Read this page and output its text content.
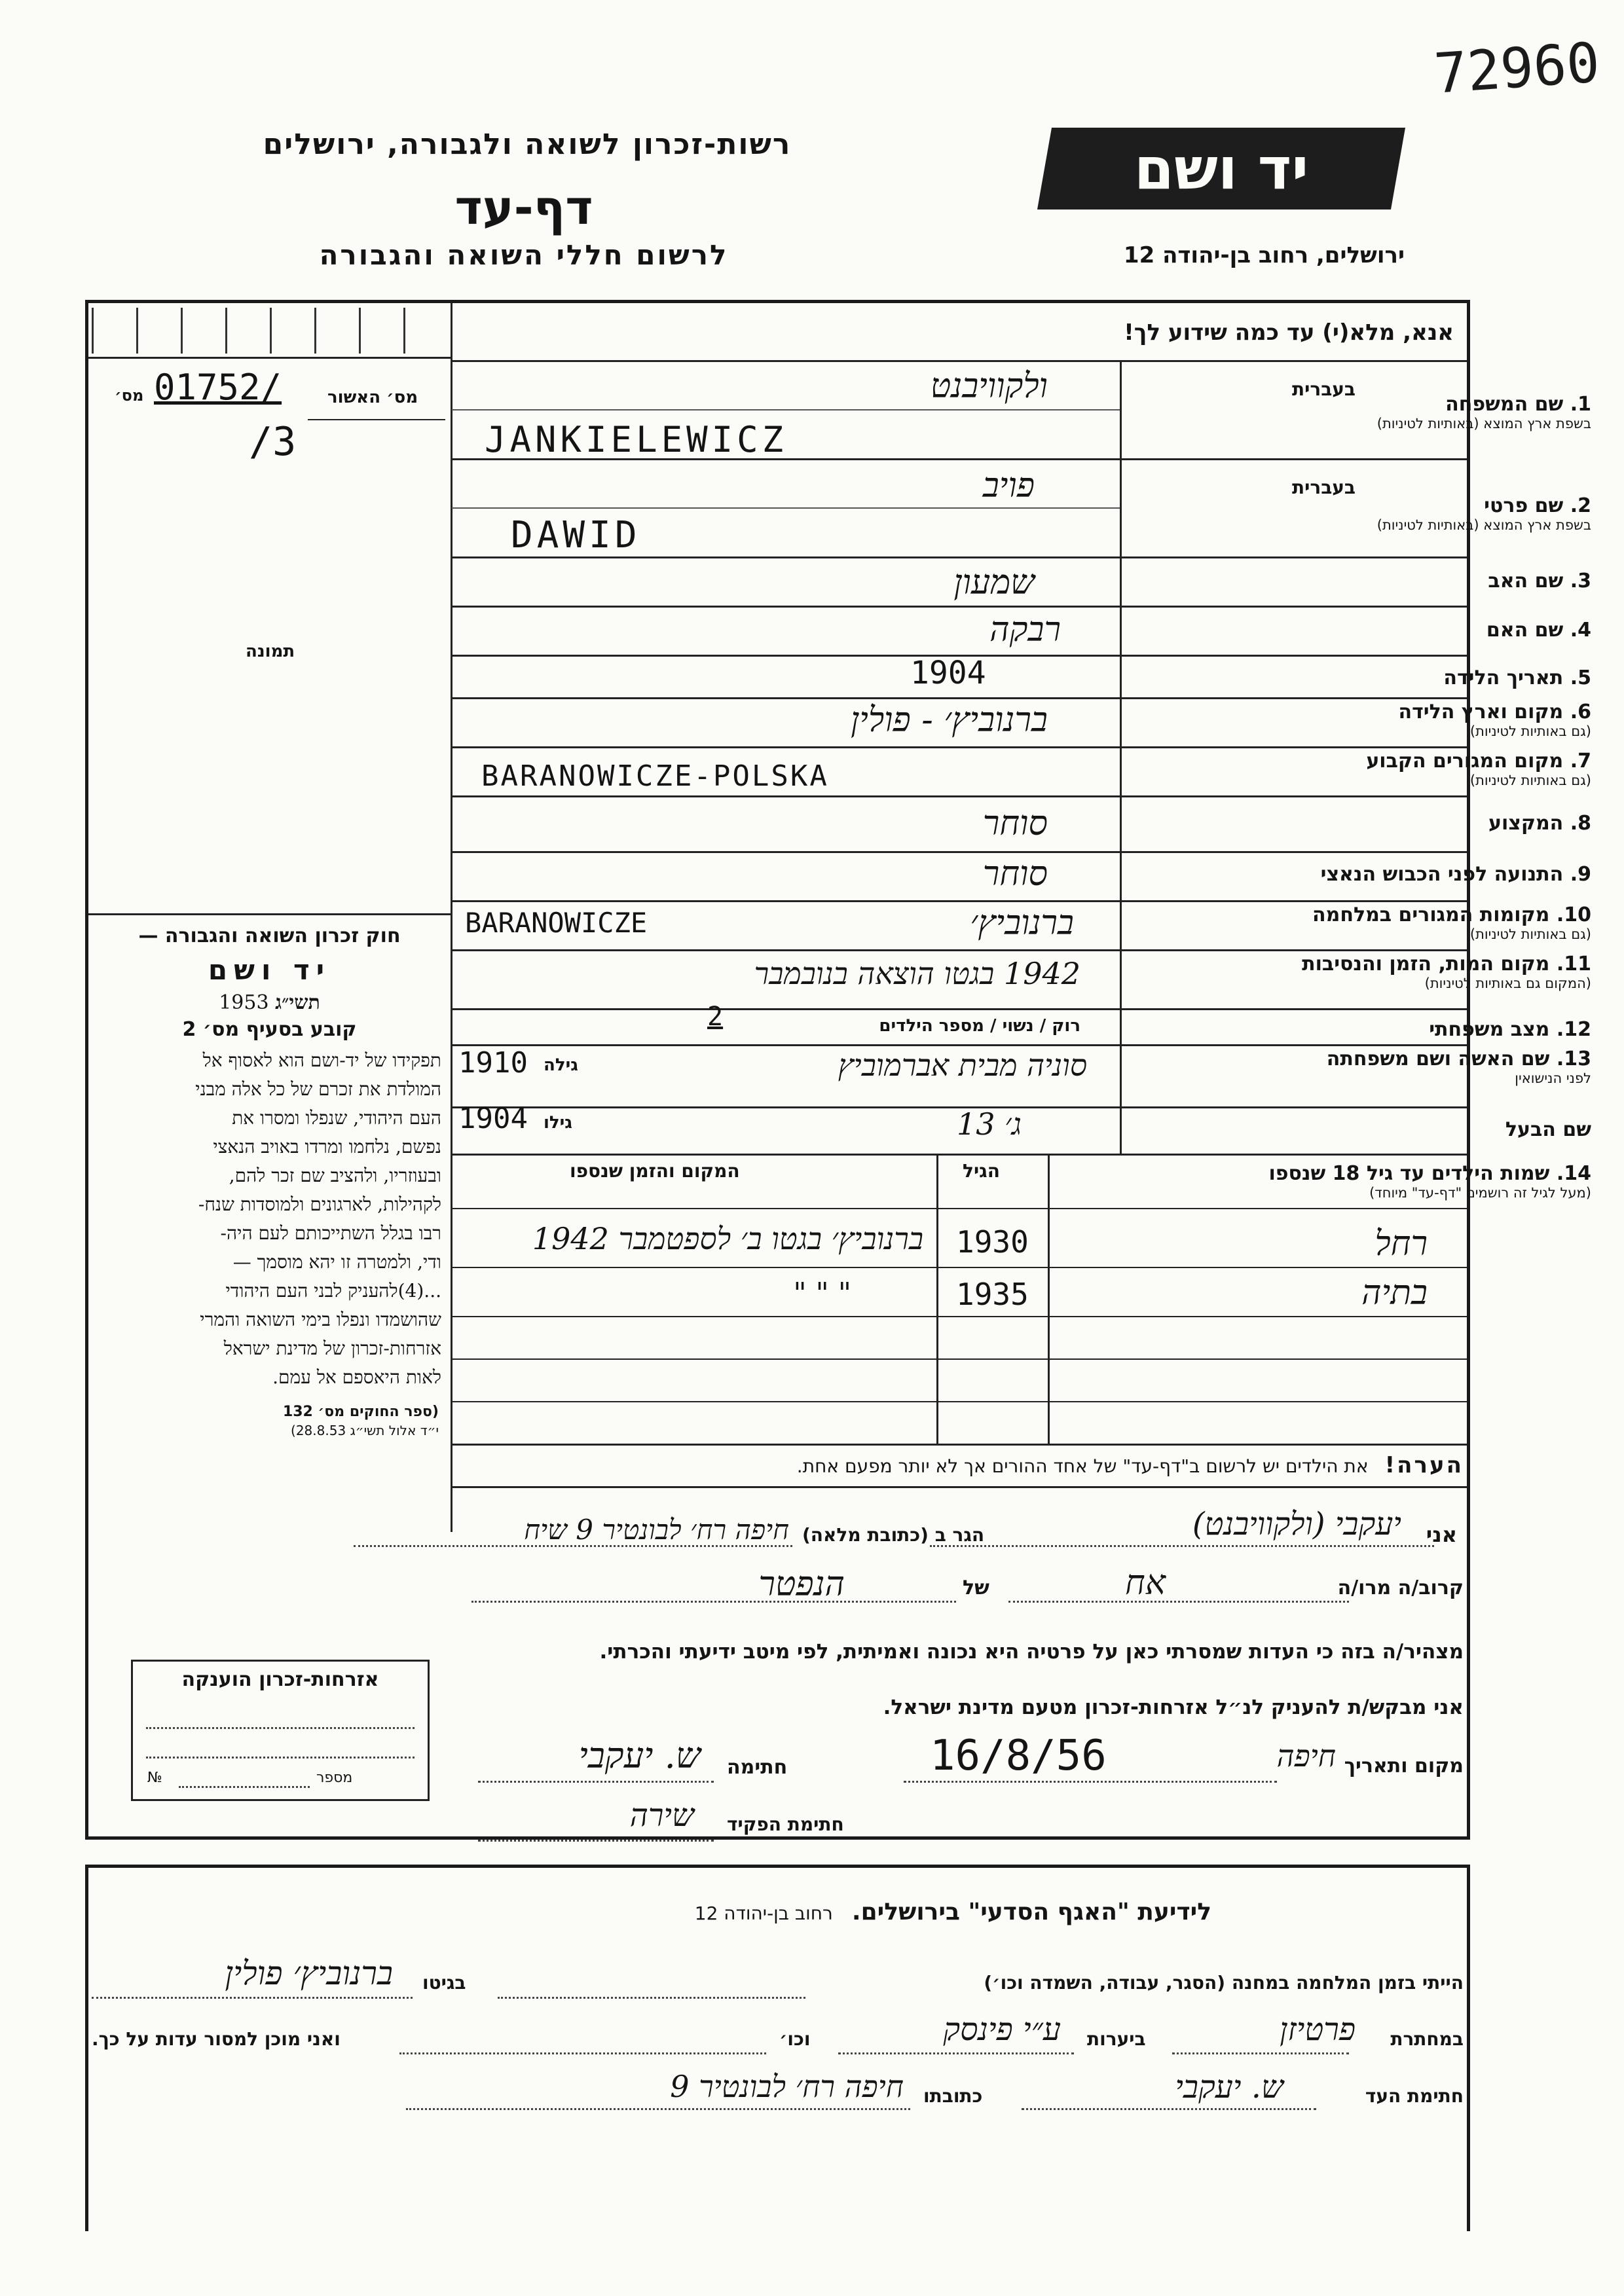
72960
רשות-זכרון לשואה ולגבורה, ירושלים
דף-עד
לרשום חללי השואה והגבורה
יד ושם
ירושלים, רחוב בן-יהודה 12
אנא, מלא(י) עד כמה שידוע לך!
מס׳ 01752/
/3
מס׳ האשור
תמונה
חוק זכרון השואה והגבורה —
יד ושם
תשי״ג 1953
קובע בסעיף מס׳ 2
תפקידו של יד-ושם הוא לאסוף אל
המולדת את זכרם של כל אלה מבני
העם היהודי, שנפלו ומסרו את
נפשם, נלחמו ומרדו באויב הנאצי
ובעוזריו, ולהציב שם זכר להם,
לקהילות, לארגונים ולמוסדות שנח-
רבו בגלל השתייכותם לעם היה-
ודי, ולמטרה זו יהא מוסמך —
...(4)להעניק לבני העם היהודי
שהושמדו ונפלו בימי השואה והמרי
אזרחות-זכרון של מדינת ישראל
לאות היאספם אל עמם.
(ספר החוקים מס׳ 132
י״ד אלול תשי״ג 28.8.53)
1. שם המשפחה
בשפת ארץ המוצא (באותיות לטיניות)
בעברית
2. שם פרטי
בשפת ארץ המוצא (באותיות לטיניות)
בעברית
3. שם האב
4. שם האם
5. תאריך הלידה
6. מקום וארץ הלידה
(גם באותיות לטיניות)
7. מקום המגורים הקבוע
(גם באותיות לטיניות)
8. המקצוע
9. התנועה לפני הכבוש הנאצי
10. מקומות המגורים במלחמה
(גם באותיות לטיניות)
11. מקום המות, הזמן והנסיבות
(המקום גם באותיות לטיניות)
12. מצב משפחתי
13. שם האשה ושם משפחתה
לפני הנישואין
שם הבעל
ולקוויבנט
JANKIELEWICZ
פויב
DAWID
שמעון
רבקה
1904
ברנוביץ׳ - פולין
BARANOWICZE-POLSKA
סוחר
סוחר
ברנוביץ׳
BARANOWICZE
1942 בגטו הוצאה בנובמבר
רוק / נשוי / מספר הילדים
2
גילה
1910	סוניה מבית אברמוביץ
גילו
1904	ג׳ 13
14. שמות הילדים עד גיל 18 שנספו
(מעל לגיל זה רושמים "דף-עד" מיוחד)
הגיל
המקום והזמן שנספו
רחל
1930
ברנוביץ׳ בגטו ב׳ לספטמבר 1942
בתיה
1935
" " "
הערה! את הילדים יש לרשום ב"דף-עד" של אחד ההורים אך לא יותר מפעם אחת.
אני
יעקבי (ולקוויבנט)
הגר ב (כתובת מלאה)
חיפה רח׳ לבונטיר 9 שיח
קרוב/ה מרו/ה
אח
של
הנפטר
מצהיר/ה בזה כי העדות שמסרתי כאן על פרטיה היא נכונה ואמיתית, לפי מיטב ידיעתי והכרתי.
אני מבקש/ת להעניק לנ״ל אזרחות-זכרון מטעם מדינת ישראל.
מקום ותאריך
חיפה
16/8/56
חתימה
ש. יעקבי
חתימת הפקיד
שירה
אזרחות-זכרון הוענקה
מספר
№
לידיעת "האגף הסדעי" בירושלים. רחוב בן-יהודה 12
הייתי בזמן המלחמה במחנה (הסגר, עבודה, השמדה וכו׳)
בגיטו
ברנוביץ׳ פולין
במחתרת
פרטיזן
ביערות
ע״י פינסק
וכו׳
ואני מוכן למסור עדות על כך.
חתימת העד
ש. יעקבי
כתובתו
חיפה רח׳ לבונטיר 9
